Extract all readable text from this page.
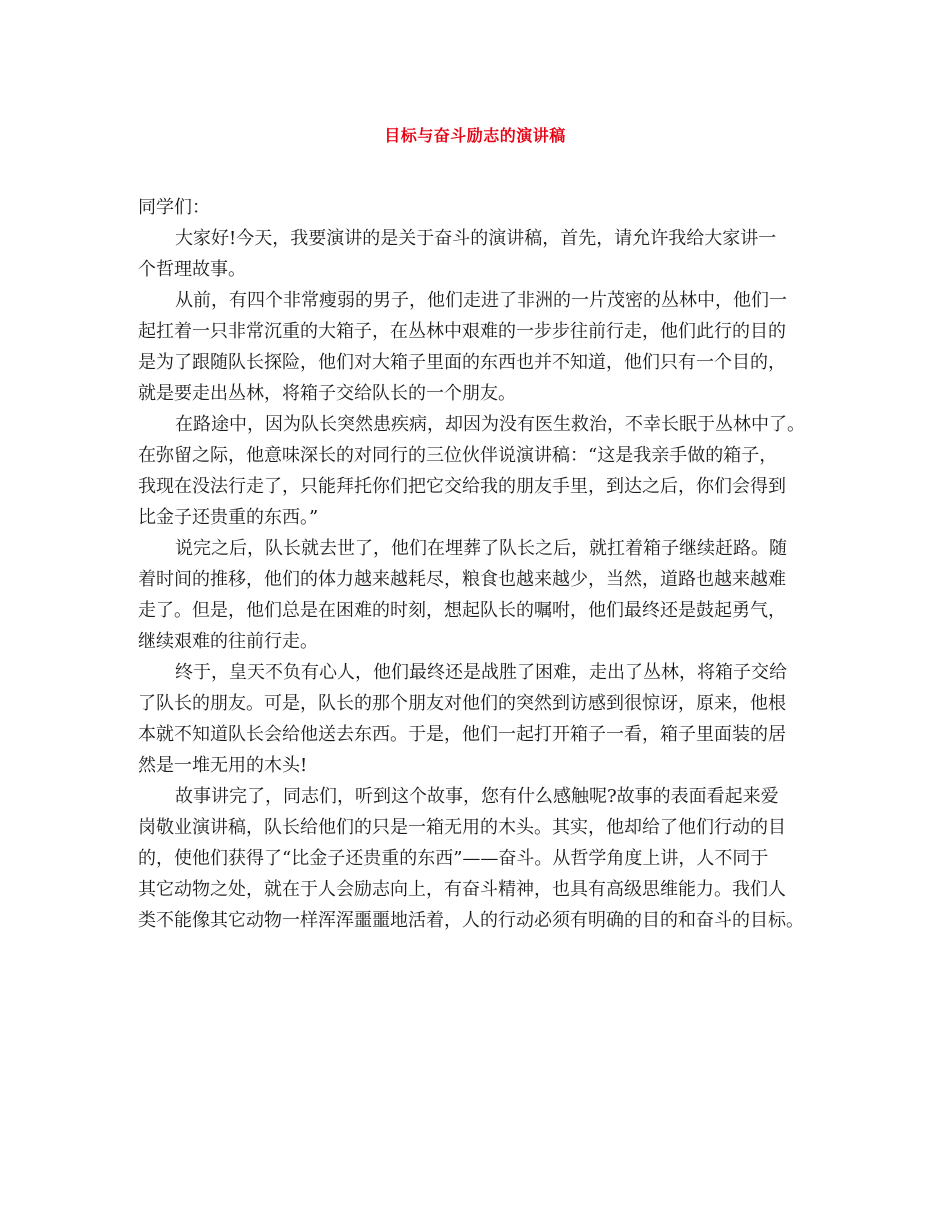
目标与奋斗励志的演讲稿
同学们：
大家好!今天，我要演讲的是关于奋斗的演讲稿，首先，请允许我给大家讲一
个哲理故事。
从前，有四个非常瘦弱的男子，他们走进了非洲的一片茂密的丛林中，他们一
起扛着一只非常沉重的大箱子，在丛林中艰难的一步步往前行走，他们此行的目的
是为了跟随队长探险，他们对大箱子里面的东西也并不知道，他们只有一个目的，
就是要走出丛林，将箱子交给队长的一个朋友。
在路途中，因为队长突然患疾病，却因为没有医生救治，不幸长眠于丛林中了。
在弥留之际，他意味深长的对同行的三位伙伴说演讲稿：“这是我亲手做的箱子，
我现在没法行走了，只能拜托你们把它交给我的朋友手里，到达之后，你们会得到
比金子还贵重的东西。”
说完之后，队长就去世了，他们在埋葬了队长之后，就扛着箱子继续赶路。随
着时间的推移，他们的体力越来越耗尽，粮食也越来越少，当然，道路也越来越难
走了。但是，他们总是在困难的时刻，想起队长的嘱咐，他们最终还是鼓起勇气，
继续艰难的往前行走。
终于，皇天不负有心人，他们最终还是战胜了困难，走出了丛林，将箱子交给
了队长的朋友。可是，队长的那个朋友对他们的突然到访感到很惊讶，原来，他根
本就不知道队长会给他送去东西。于是，他们一起打开箱子一看，箱子里面装的居
然是一堆无用的木头!
故事讲完了，同志们，听到这个故事，您有什么感触呢?故事的表面看起来爱
岗敬业演讲稿，队长给他们的只是一箱无用的木头。其实，他却给了他们行动的目
的，使他们获得了“比金子还贵重的东西”——奋斗。从哲学角度上讲，人不同于
其它动物之处，就在于人会励志向上，有奋斗精神，也具有高级思维能力。我们人
类不能像其它动物一样浑浑噩噩地活着，人的行动必须有明确的目的和奋斗的目标。
